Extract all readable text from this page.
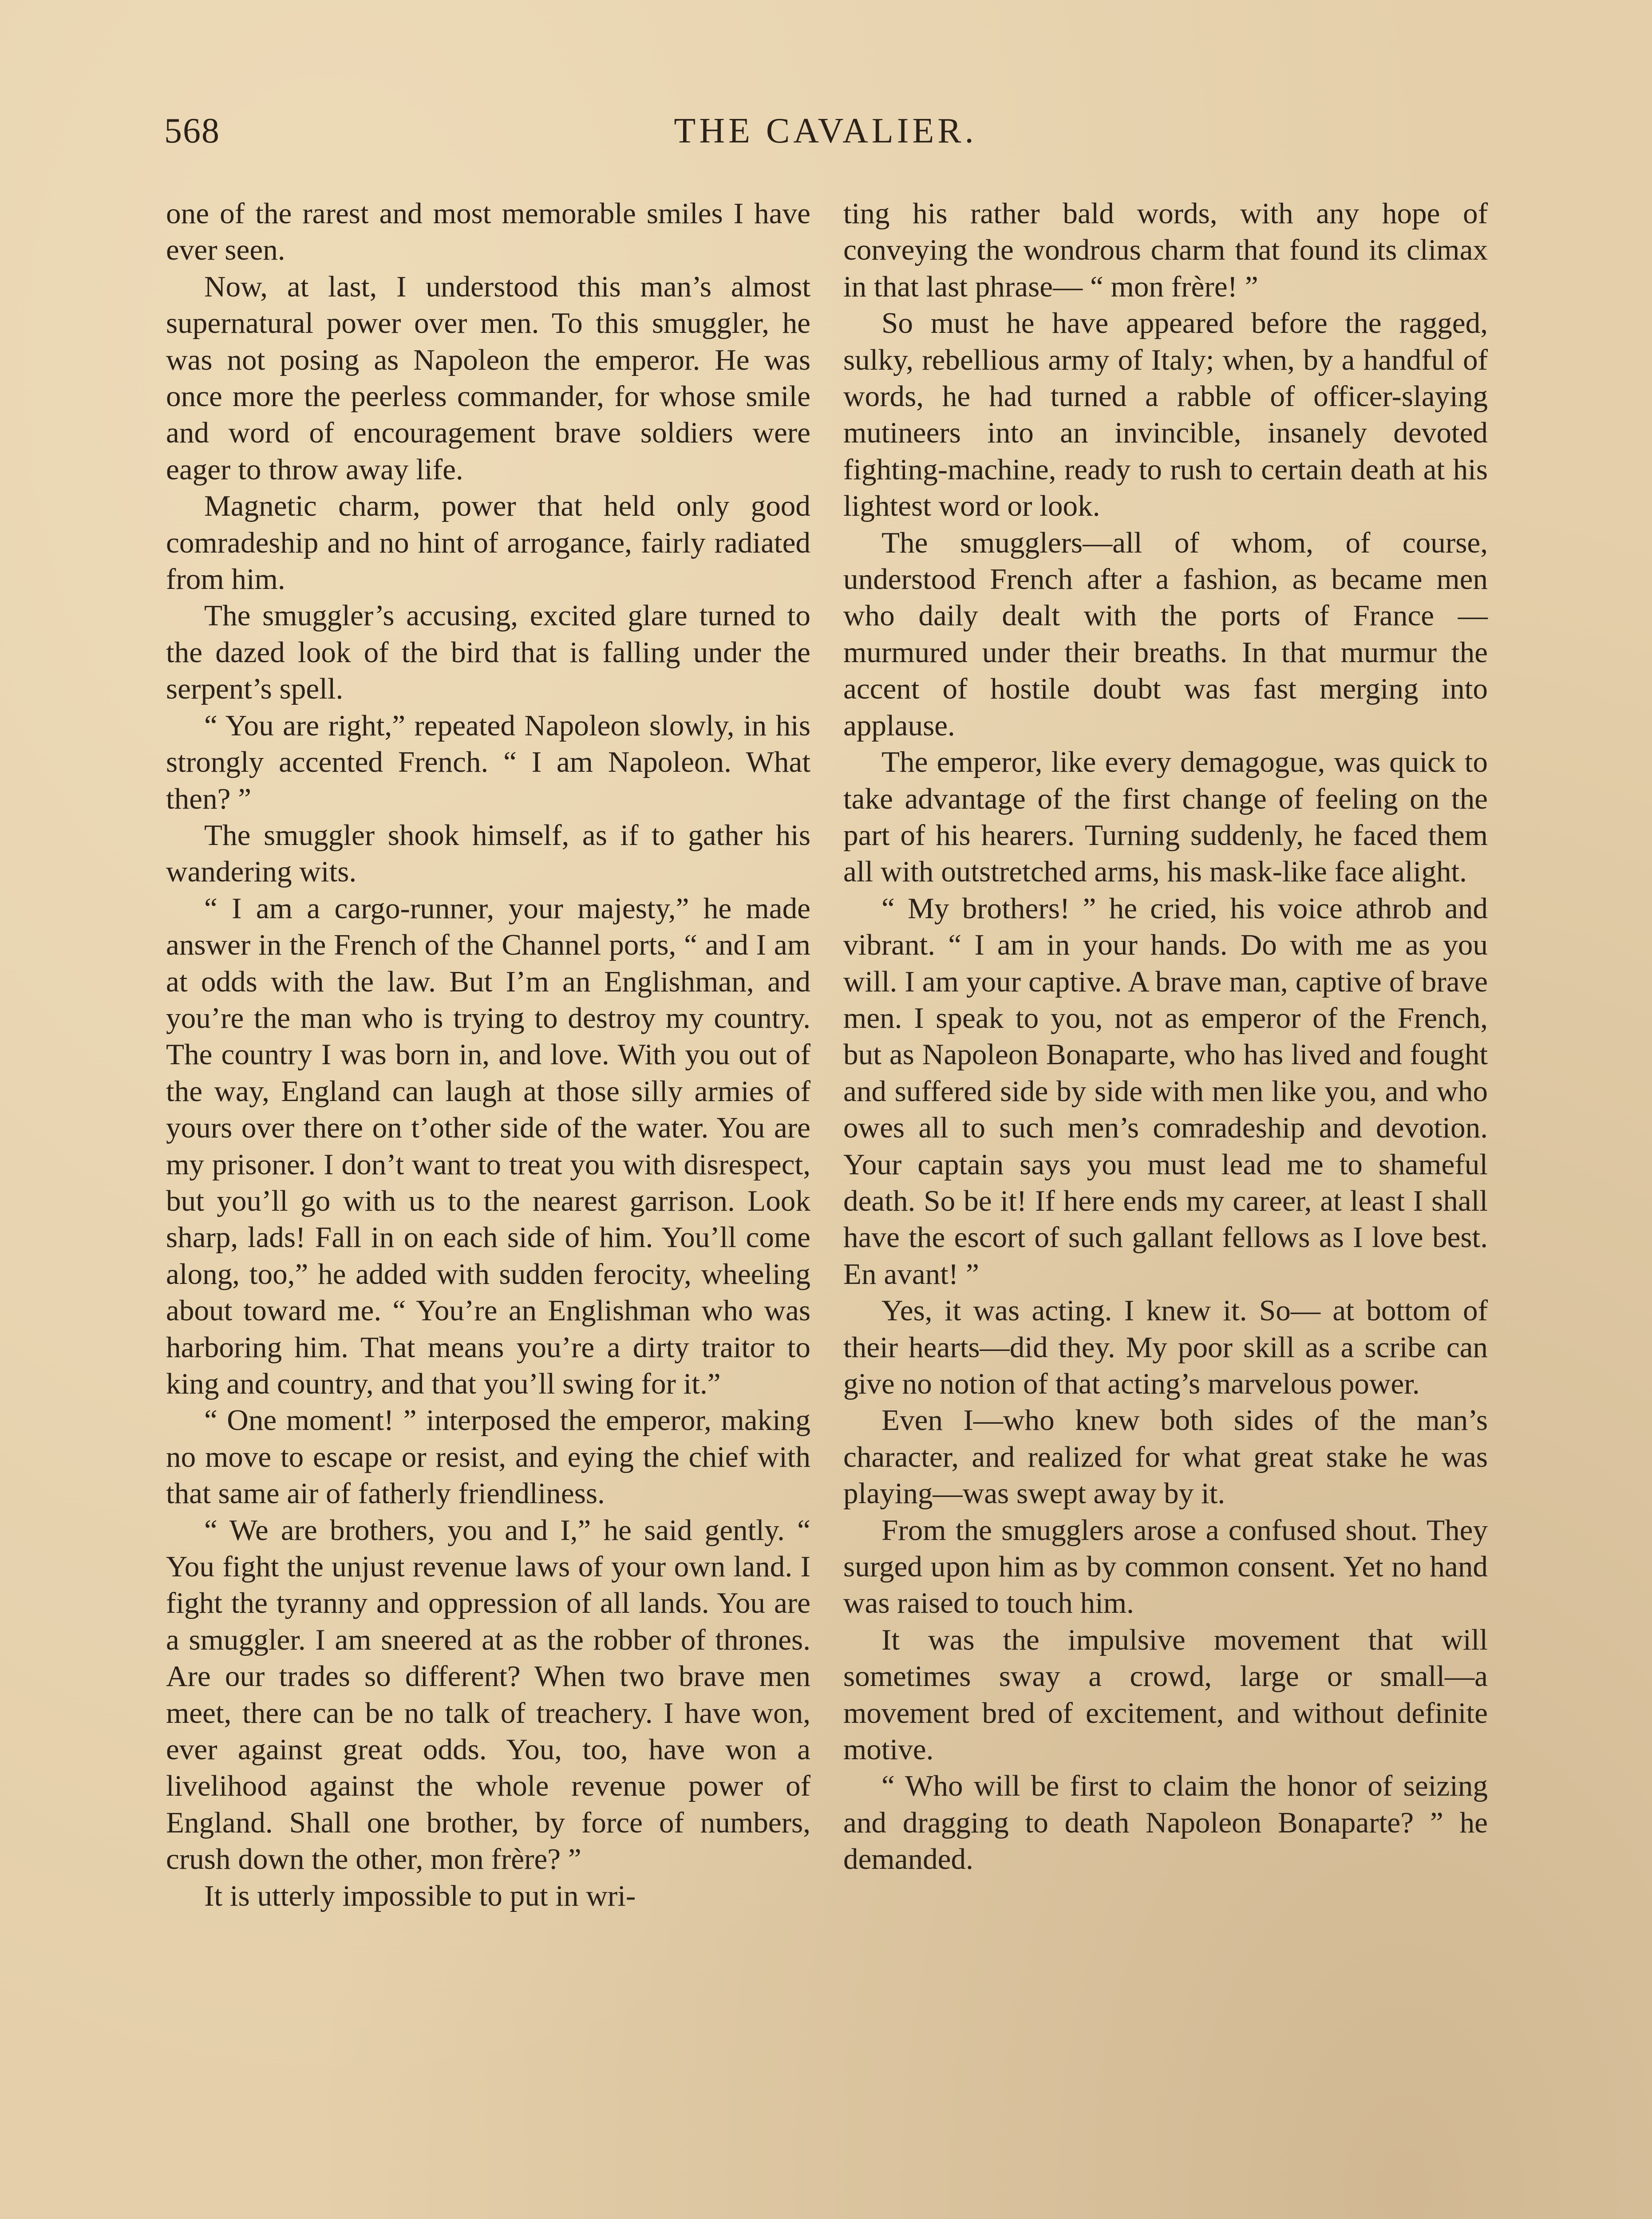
568	THE CAVALIER.

one of the rarest and most memorable smiles I have ever seen.

Now, at last, I understood this man’s almost supernatural power over men. To this smuggler, he was not posing as Napoleon the emperor. He was once more the peerless commander, for whose smile and word of encouragement brave soldiers were eager to throw away life.

Magnetic charm, power that held only good comradeship and no hint of arrogance, fairly radiated from him.

The smuggler’s accusing, excited glare turned to the dazed look of the bird that is falling under the serpent’s spell.

“ You are right,” repeated Napoleon slowly, in his strongly accented French. “ I am Napoleon. What then? ”

The smuggler shook himself, as if to gather his wandering wits.

“ I am a cargo-runner, your majesty,” he made answer in the French of the Channel ports, “ and I am at odds with the law. But I’m an Englishman, and you’re the man who is trying to destroy my country. The country I was born in, and love. With you out of the way, England can laugh at those silly armies of yours over there on t’other side of the water. You are my prisoner. I don’t want to treat you with disrespect, but you’ll go with us to the nearest garrison. Look sharp, lads! Fall in on each side of him. You’ll come along, too,” he added with sudden ferocity, wheeling about toward me. “ You’re an Englishman who was harboring him. That means you’re a dirty traitor to king and country, and that you’ll swing for it.”

“ One moment! ” interposed the emperor, making no move to escape or resist, and eying the chief with that same air of fatherly friendliness.

“ We are brothers, you and I,” he said gently. “ You fight the unjust revenue laws of your own land. I fight the tyranny and oppression of all lands. You are a smuggler. I am sneered at as the robber of thrones. Are our trades so different? When two brave men meet, there can be no talk of treachery. I have won, ever against great odds. You, too, have won a livelihood against the whole revenue power of England. Shall one brother, by force of numbers, crush down the other, mon frère? ”

It is utterly impossible to put in wri-

ting his rather bald words, with any hope of conveying the wondrous charm that found its climax in that last phrase— “ mon frère! ”

So must he have appeared before the ragged, sulky, rebellious army of Italy; when, by a handful of words, he had turned a rabble of officer-slaying mutineers into an invincible, insanely devoted fighting-machine, ready to rush to certain death at his lightest word or look.

The smugglers—all of whom, of course, understood French after a fashion, as became men who daily dealt with the ports of France — murmured under their breaths. In that murmur the accent of hostile doubt was fast merging into applause.

The emperor, like every demagogue, was quick to take advantage of the first change of feeling on the part of his hearers. Turning suddenly, he faced them all with outstretched arms, his mask-like face alight.

“ My brothers! ” he cried, his voice athrob and vibrant. “ I am in your hands. Do with me as you will. I am your captive. A brave man, captive of brave men. I speak to you, not as emperor of the French, but as Napoleon Bonaparte, who has lived and fought and suffered side by side with men like you, and who owes all to such men’s comradeship and devotion. Your captain says you must lead me to shameful death. So be it! If here ends my career, at least I shall have the escort of such gallant fellows as I love best. En avant! ”

Yes, it was acting. I knew it. So— at bottom of their hearts—did they. My poor skill as a scribe can give no notion of that acting’s marvelous power.

Even I—who knew both sides of the man’s character, and realized for what great stake he was playing—was swept away by it.

From the smugglers arose a confused shout. They surged upon him as by common consent. Yet no hand was raised to touch him.

It was the impulsive movement that will sometimes sway a crowd, large or small—a movement bred of excitement, and without definite motive.

“ Who will be first to claim the honor of seizing and dragging to death Napoleon Bonaparte? ” he demanded.
